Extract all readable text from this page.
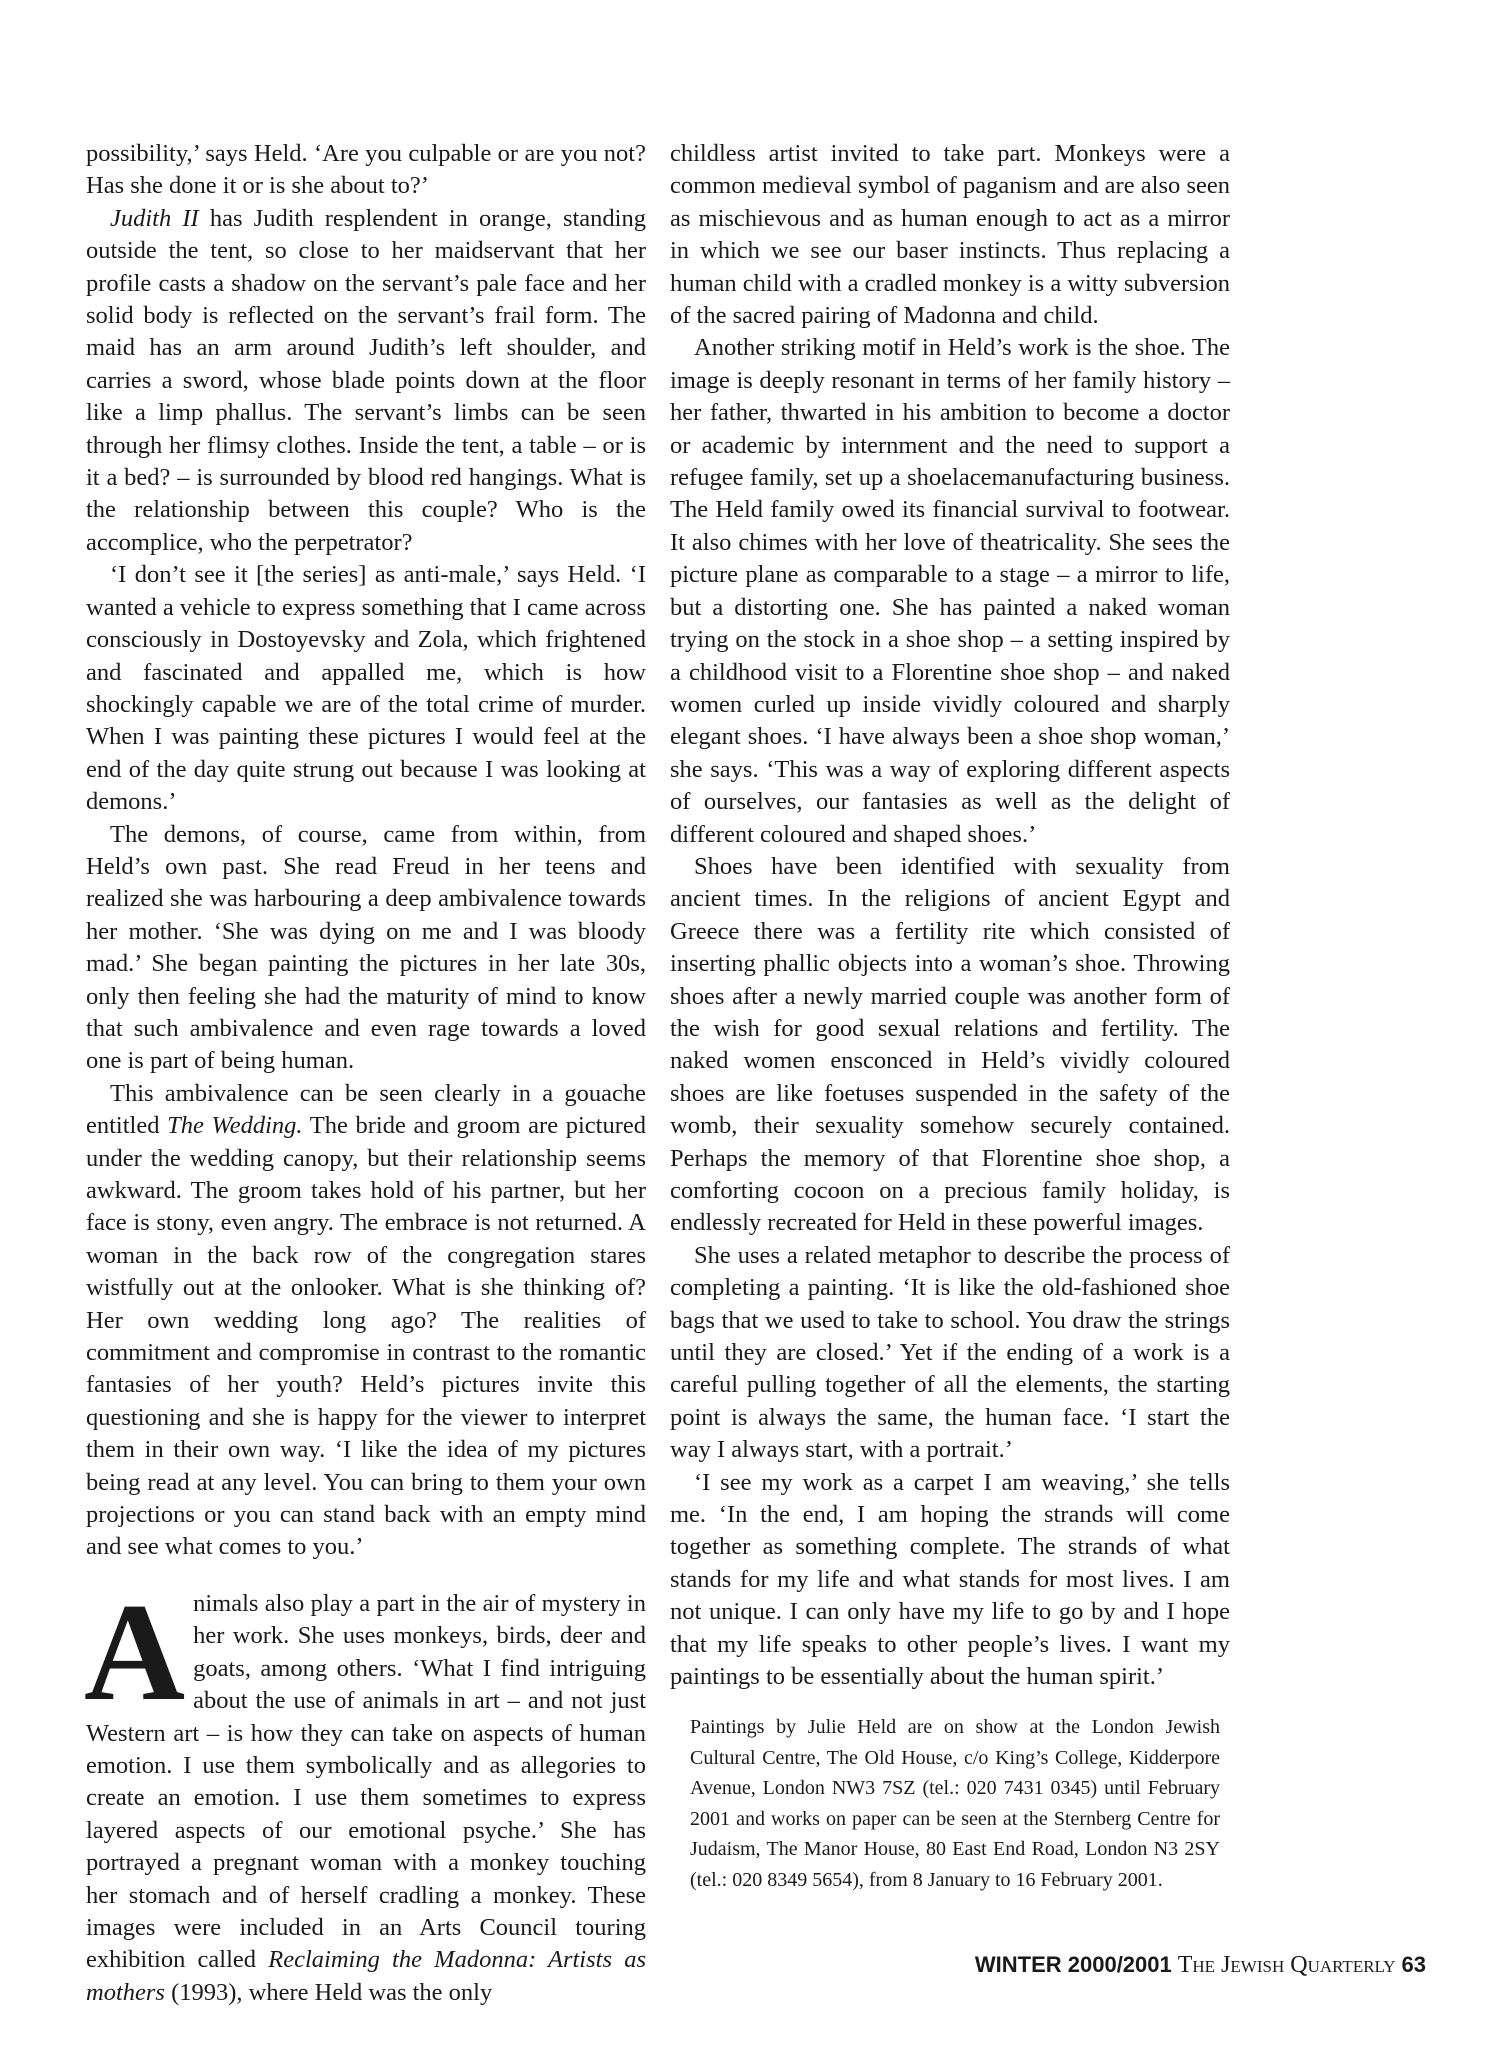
possibility,’ says Held. ‘Are you culpable or are you not? Has she done it or is she about to?’

Judith II has Judith resplendent in orange, standing outside the tent, so close to her maidservant that her profile casts a shadow on the servant’s pale face and her solid body is reflected on the servant’s frail form. The maid has an arm around Judith’s left shoulder, and carries a sword, whose blade points down at the floor like a limp phallus. The servant’s limbs can be seen through her flimsy clothes. Inside the tent, a table – or is it a bed? – is surrounded by blood red hangings. What is the relationship between this couple? Who is the accomplice, who the perpetrator?

‘I don’t see it [the series] as anti-male,’ says Held. ‘I wanted a vehicle to express something that I came across consciously in Dostoyevsky and Zola, which frightened and fascinated and appalled me, which is how shockingly capable we are of the total crime of murder. When I was painting these pictures I would feel at the end of the day quite strung out because I was looking at demons.’

The demons, of course, came from within, from Held’s own past. She read Freud in her teens and realized she was harbouring a deep ambivalence towards her mother. ‘She was dying on me and I was bloody mad.’ She began painting the pictures in her late 30s, only then feeling she had the maturity of mind to know that such ambivalence and even rage towards a loved one is part of being human.

This ambivalence can be seen clearly in a gouache entitled The Wedding. The bride and groom are pictured under the wedding canopy, but their relationship seems awkward. The groom takes hold of his partner, but her face is stony, even angry. The embrace is not returned. A woman in the back row of the congregation stares wistfully out at the onlooker. What is she thinking of? Her own wedding long ago? The realities of commitment and compromise in contrast to the romantic fantasies of her youth? Held’s pictures invite this questioning and she is happy for the viewer to interpret them in their own way. ‘I like the idea of my pictures being read at any level. You can bring to them your own projections or you can stand back with an empty mind and see what comes to you.’

Animals also play a part in the air of mystery in her work. She uses monkeys, birds, deer and goats, among others. ‘What I find intriguing about the use of animals in art – and not just Western art – is how they can take on aspects of human emotion. I use them symbolically and as allegories to create an emotion. I use them sometimes to express layered aspects of our emotional psyche.’ She has portrayed a pregnant woman with a monkey touching her stomach and of herself cradling a monkey. These images were included in an Arts Council touring exhibition called Reclaiming the Madonna: Artists as mothers (1993), where Held was the only

childless artist invited to take part. Monkeys were a common medieval symbol of paganism and are also seen as mischievous and as human enough to act as a mirror in which we see our baser instincts. Thus replacing a human child with a cradled monkey is a witty subversion of the sacred pairing of Madonna and child.

Another striking motif in Held’s work is the shoe. The image is deeply resonant in terms of her family history – her father, thwarted in his ambition to become a doctor or academic by internment and the need to support a refugee family, set up a shoelacemanufacturing business. The Held family owed its financial survival to footwear. It also chimes with her love of theatricality. She sees the picture plane as comparable to a stage – a mirror to life, but a distorting one. She has painted a naked woman trying on the stock in a shoe shop – a setting inspired by a childhood visit to a Florentine shoe shop – and naked women curled up inside vividly coloured and sharply elegant shoes. ‘I have always been a shoe shop woman,’ she says. ‘This was a way of exploring different aspects of ourselves, our fantasies as well as the delight of different coloured and shaped shoes.’

Shoes have been identified with sexuality from ancient times. In the religions of ancient Egypt and Greece there was a fertility rite which consisted of inserting phallic objects into a woman’s shoe. Throwing shoes after a newly married couple was another form of the wish for good sexual relations and fertility. The naked women ensconced in Held’s vividly coloured shoes are like foetuses suspended in the safety of the womb, their sexuality somehow securely contained. Perhaps the memory of that Florentine shoe shop, a comforting cocoon on a precious family holiday, is endlessly recreated for Held in these powerful images.

She uses a related metaphor to describe the process of completing a painting. ‘It is like the old-fashioned shoe bags that we used to take to school. You draw the strings until they are closed.’ Yet if the ending of a work is a careful pulling together of all the elements, the starting point is always the same, the human face. ‘I start the way I always start, with a portrait.’

‘I see my work as a carpet I am weaving,’ she tells me. ‘In the end, I am hoping the strands will come together as something complete. The strands of what stands for my life and what stands for most lives. I am not unique. I can only have my life to go by and I hope that my life speaks to other people’s lives. I want my paintings to be essentially about the human spirit.’

Paintings by Julie Held are on show at the London Jewish Cultural Centre, The Old House, c/o King’s College, Kidderpore Avenue, London NW3 7SZ (tel.: 020 7431 0345) until February 2001 and works on paper can be seen at the Sternberg Centre for Judaism, The Manor House, 80 East End Road, London N3 2SY (tel.: 020 8349 5654), from 8 January to 16 February 2001.
WINTER 2000/2001 The Jewish Quarterly 63
